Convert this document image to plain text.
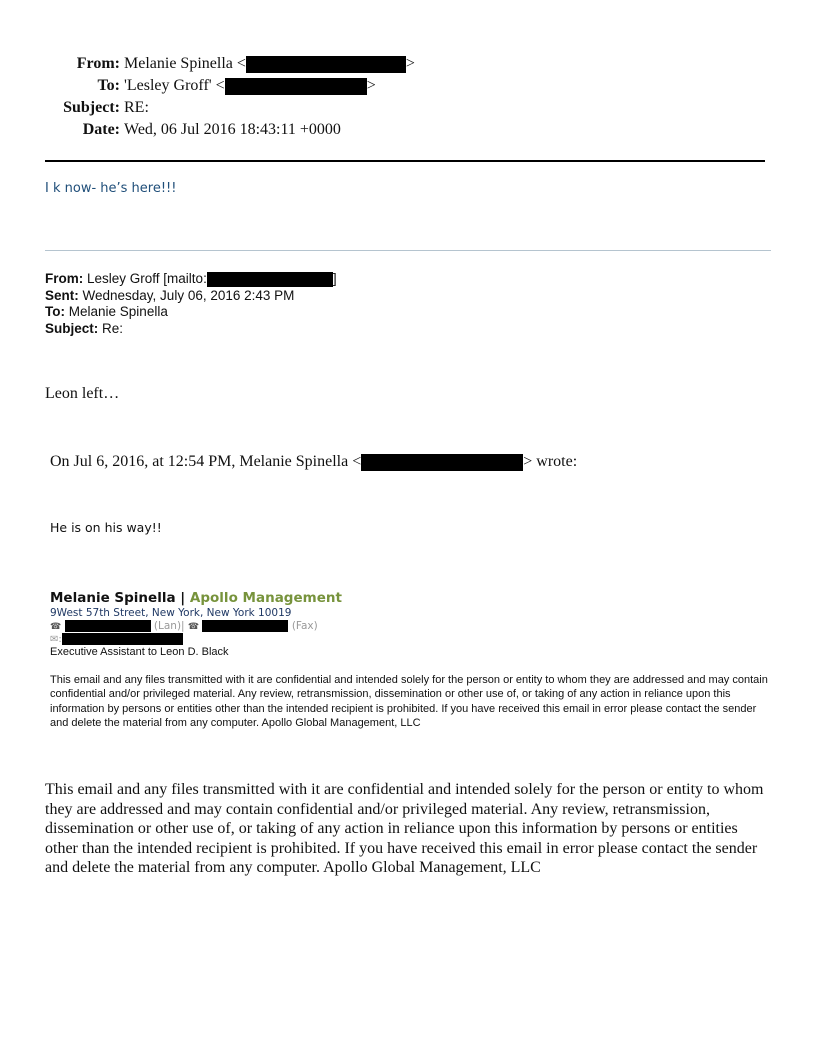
From: Melanie Spinella <	>
To: 'Lesley Groff' <	>
Subject: RE:
Date: Wed, 06 Jul 2016 18:43:11 +0000
I k now- he’s here!!!
From: Lesley Groff [mailto:	]
Sent: Wednesday, July 06, 2016 2:43 PM
To: Melanie Spinella
Subject: Re:
Leon left…
On Jul 6, 2016, at 12:54 PM, Melanie Spinella <	> wrote:
He is on his way!!
Melanie Spinella | Apollo Management
9West 57th Street, New York, New York 10019
☎	(Lan)| ☎	(Fax)
✉:
Executive Assistant to Leon D. Black
This email and any files transmitted with it are confidential and intended solely for the person or entity to whom they are addressed and may contain confidential and/or privileged material. Any review, retransmission, dissemination or other use of, or taking of any action in reliance upon this information by persons or entities other than the intended recipient is prohibited. If you have received this email in error please contact the sender and delete the material from any computer. Apollo Global Management, LLC
This email and any files transmitted with it are confidential and intended solely for the person or entity to whom they are addressed and may contain confidential and/or privileged material. Any review, retransmission, dissemination or other use of, or taking of any action in reliance upon this information by persons or entities other than the intended recipient is prohibited. If you have received this email in error please contact the sender and delete the material from any computer. Apollo Global Management, LLC
